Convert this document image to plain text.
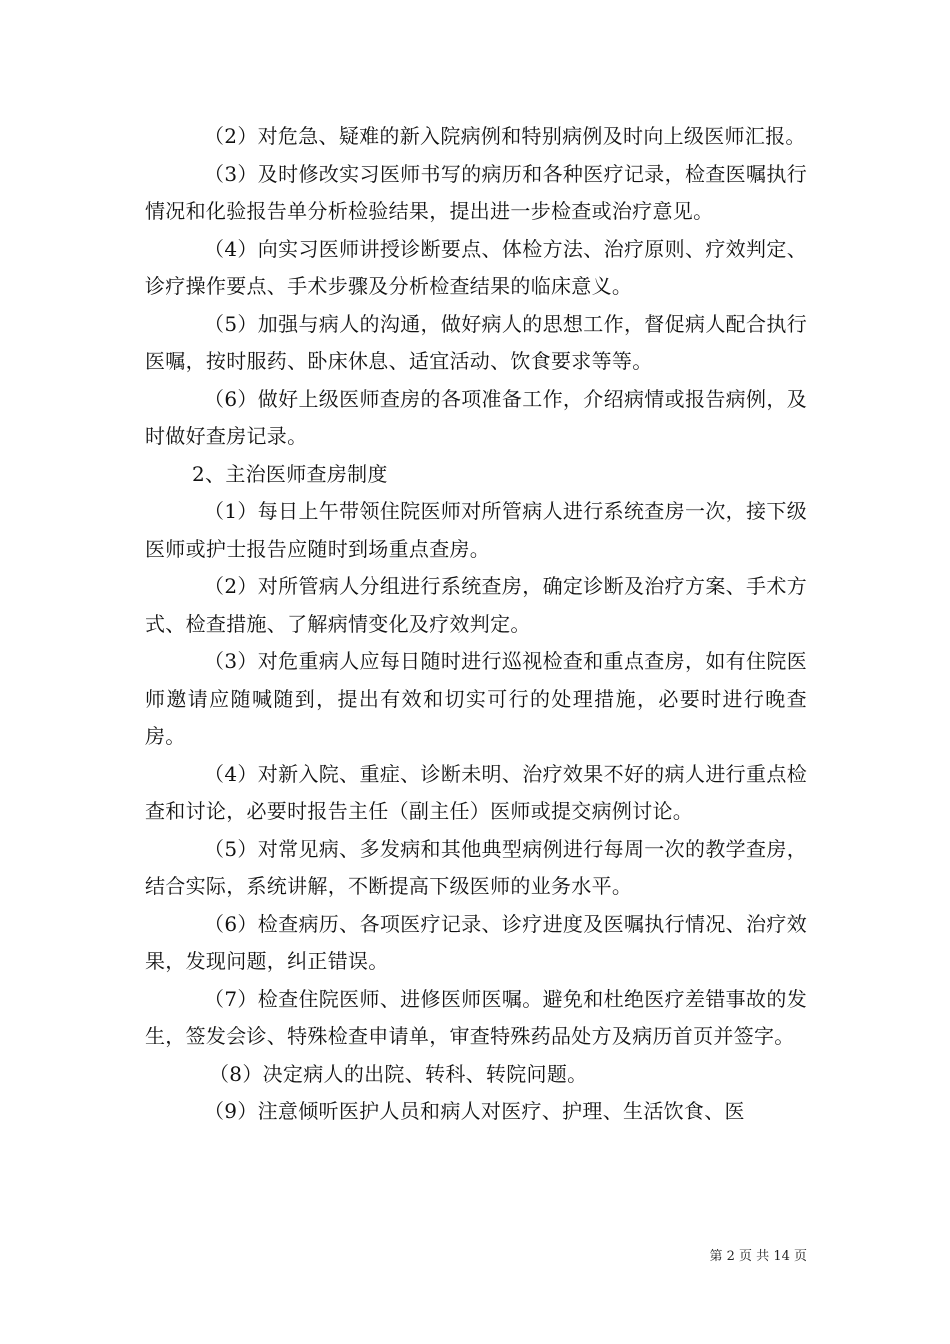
（2）对危急、疑难的新入院病例和特别病例及时向上级医师汇报。

（3）及时修改实习医师书写的病历和各种医疗记录，检查医嘱执行情况和化验报告单分析检验结果，提出进一步检查或治疗意见。

（4）向实习医师讲授诊断要点、体检方法、治疗原则、疗效判定、诊疗操作要点、手术步骤及分析检查结果的临床意义。

（5）加强与病人的沟通，做好病人的思想工作，督促病人配合执行医嘱，按时服药、卧床休息、适宜活动、饮食要求等等。

（6）做好上级医师查房的各项准备工作，介绍病情或报告病例，及时做好查房记录。

2、主治医师查房制度

（1）每日上午带领住院医师对所管病人进行系统查房一次，接下级医师或护士报告应随时到场重点查房。

（2）对所管病人分组进行系统查房，确定诊断及治疗方案、手术方式、检查措施、了解病情变化及疗效判定。

（3）对危重病人应每日随时进行巡视检查和重点查房，如有住院医师邀请应随喊随到，提出有效和切实可行的处理措施，必要时进行晚查房。

（4）对新入院、重症、诊断未明、治疗效果不好的病人进行重点检查和讨论，必要时报告主任（副主任）医师或提交病例讨论。

（5）对常见病、多发病和其他典型病例进行每周一次的教学查房，结合实际，系统讲解，不断提高下级医师的业务水平。

（6）检查病历、各项医疗记录、诊疗进度及医嘱执行情况、治疗效果，发现问题，纠正错误。

（7）检查住院医师、进修医师医嘱。避免和杜绝医疗差错事故的发生，签发会诊、特殊检查申请单，审查特殊药品处方及病历首页并签字。

（8）决定病人的出院、转科、转院问题。

（9）注意倾听医护人员和病人对医疗、护理、生活饮食、医

第 2 页 共 14 页
